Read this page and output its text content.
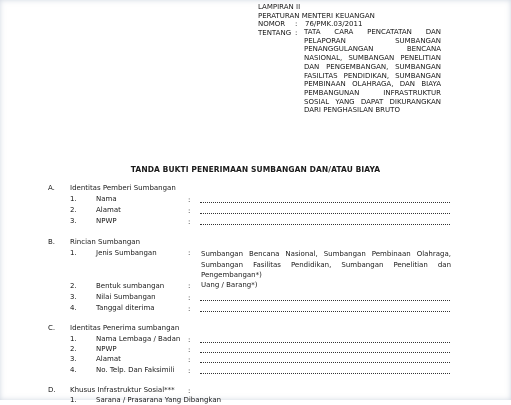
LAMPIRAN II
PERATURAN MENTERI KEUANGAN
NOMOR : 76/PMK.03/2011
TENTANG : TATA CARA PENCATATAN DAN
PELAPORAN SUMBANGAN
PENANGGULANGAN BENCANA
NASIONAL, SUMBANGAN PENELITIAN
DAN PENGEMBANGAN, SUMBANGAN
FASILITAS PENDIDIKAN, SUMBANGAN
PEMBINAAN OLAHRAGA, DAN BIAYA
PEMBANGUNAN INFRASTRUKTUR
SOSIAL YANG DAPAT DIKURANGKAN
DARI PENGHASILAN BRUTO
TANDA BUKTI PENERIMAAN SUMBANGAN DAN/ATAU BIAYA
A. Identitas Pemberi Sumbangan
1.	Nama	:
2.	Alamat	:
3.	NPWP	:
B. Rincian Sumbangan
1.	Jenis Sumbangan	: Sumbangan Bencana Nasional, Sumbangan Pembinaan Olahraga,
Sumbangan Fasilitas Pendidikan, Sumbangan Penelitian dan
Pengembangan*)
2.	Bentuk sumbangan	: Uang / Barang*)
3.	Nilai Sumbangan	:
4.	Tanggal diterima	:
C. Identitas Penerima sumbangan
1.	Nama Lembaga / Badan :
2.	NPWP	:
3.	Alamat	:
4.	No. Telp. Dan Faksimili :
D. Khusus Infrastruktur Sosial*** :
1.	Sarana / Prasarana Yang Dibangkan
